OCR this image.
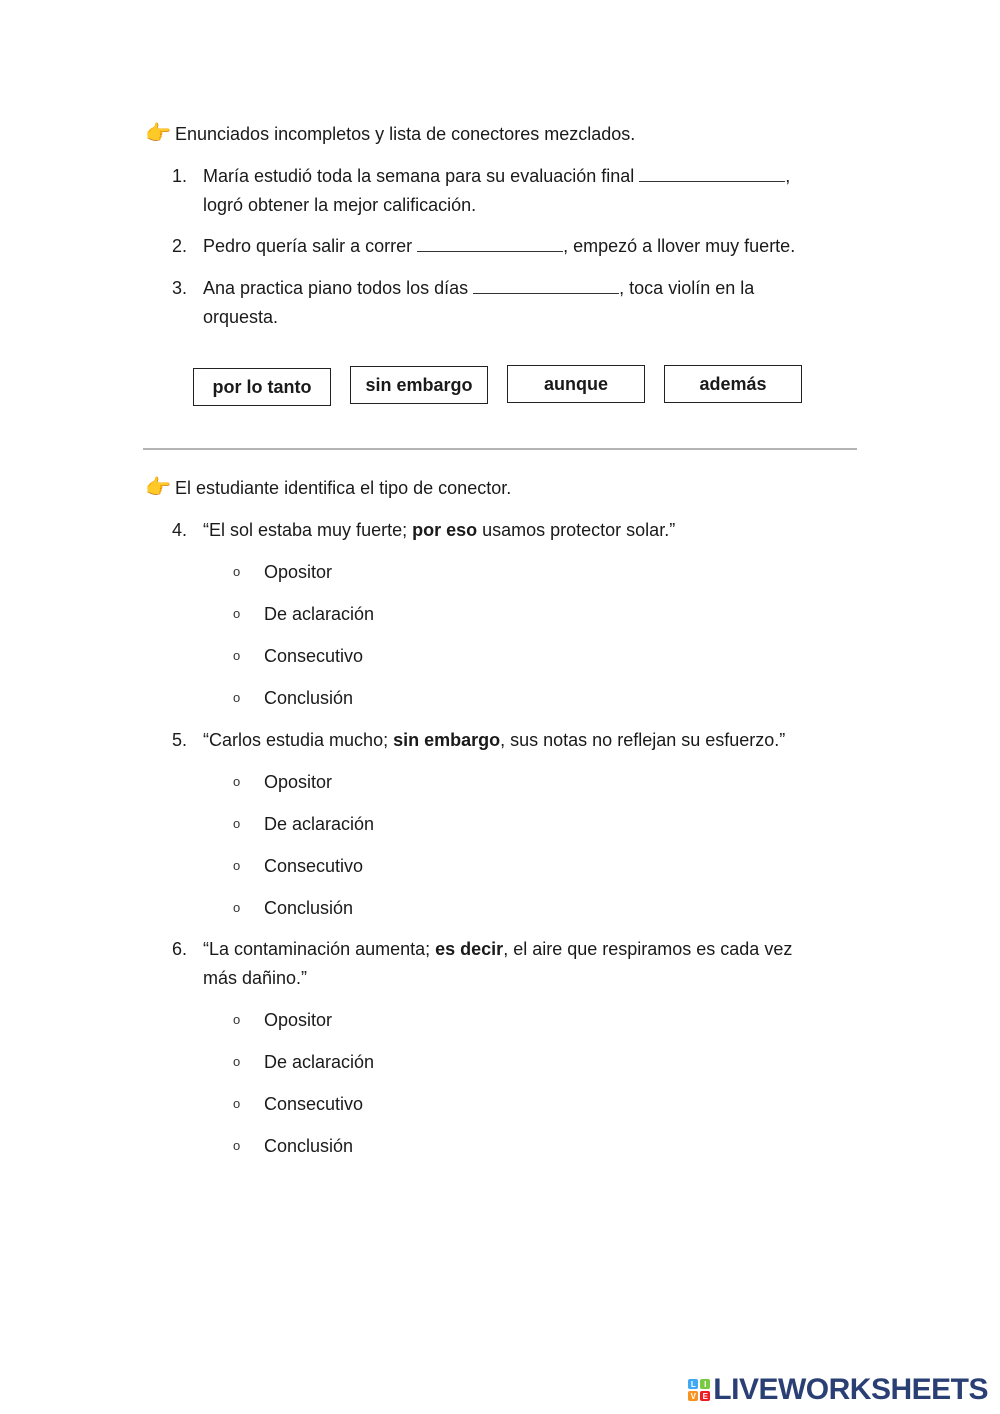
👉 Enunciados incompletos y lista de conectores mezclados.
1. María estudió toda la semana para su evaluación final	,
logró obtener la mejor calificación.
2. Pedro quería salir a correr	, empezó a llover muy fuerte.
3. Ana practica piano todos los días	, toca violín en la
orquesta.
por lo tanto	sin embargo	aunque	además
👉 El estudiante identifica el tipo de conector.
4. “El sol estaba muy fuerte; por eso usamos protector solar.”
o	Opositor
o	De aclaración
o	Consecutivo
o	Conclusión
5. “Carlos estudia mucho; sin embargo, sus notas no reflejan su esfuerzo.”
o	Opositor
o	De aclaración
o	Consecutivo
o	Conclusión
6. “La contaminación aumenta; es decir, el aire que respiramos es cada vez
más dañino.”
o	Opositor
o	De aclaración
o	Consecutivo
o	Conclusión
L	I
V E LIVEWORKSHEETS
